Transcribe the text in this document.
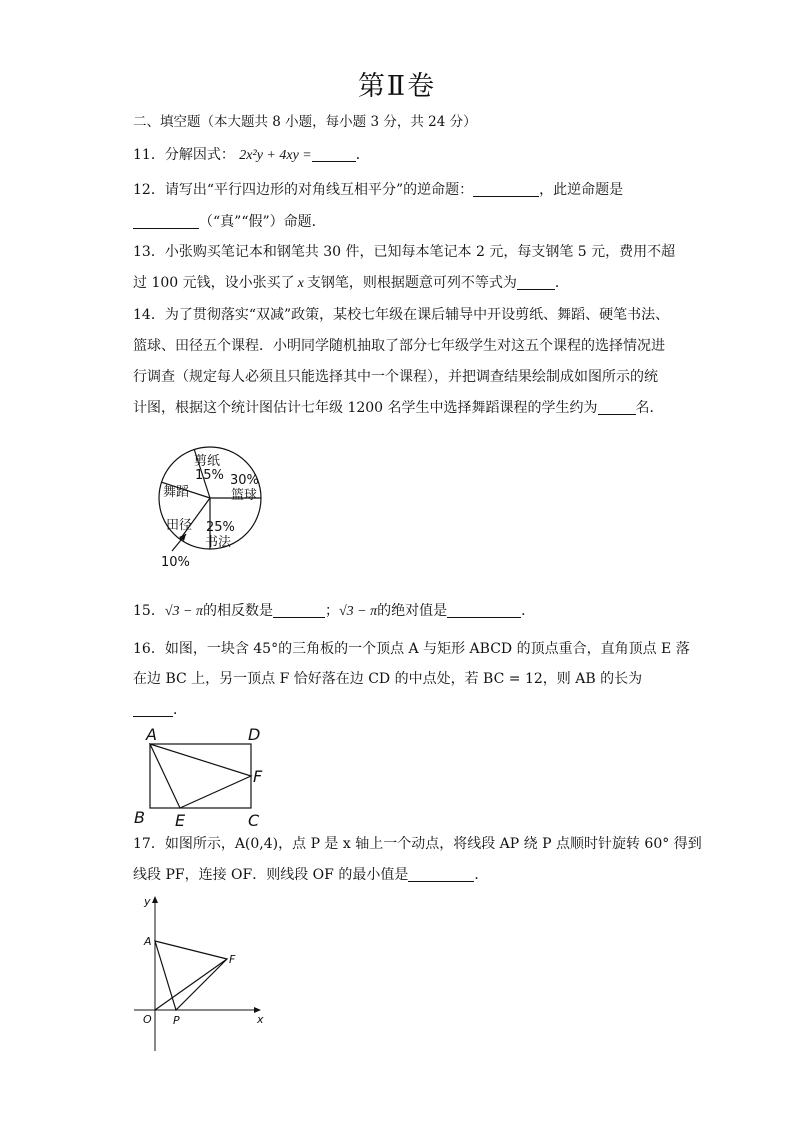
第Ⅱ卷
二、填空题（本大题共 8 小题，每小题 3 分，共 24 分）
11．分解因式： 2x²y + 4xy =	．
12．请写出“平行四边形的对角线互相平分”的逆命题：	，此逆命题是
（“真”“假”）命题．
13．小张购买笔记本和钢笔共 30 件，已知每本笔记本 2 元，每支钢笔 5 元，费用不超
过 100 元钱，设小张买了 x 支钢笔，则根据题意可列不等式为	．
14．为了贯彻落实“双减”政策，某校七年级在课后辅导中开设剪纸、舞蹈、硬笔书法、
篮球、田径五个课程．小明同学随机抽取了部分七年级学生对这五个课程的选择情况进
行调查（规定每人必须且只能选择其中一个课程），并把调查结果绘制成如图所示的统
计图，根据这个统计图估计七年级 1200 名学生中选择舞蹈课程的学生约为	名．
剪纸
15% 30%
篮球
25%
书法
田径
舞蹈
10%
15．√3 − π的相反数是	；√3 − π的绝对值是	．
16．如图，一块含 45°的三角板的一个顶点 A 与矩形 ABCD 的顶点重合，直角顶点 E 落
在边 BC 上，另一顶点 F 恰好落在边 CD 的中点处，若 BC = 12，则 AB 的长为
．
A	D
F
B E	C
17．如图所示，A(0,4)，点 P 是 x 轴上一个动点，将线段 AP 绕 P 点顺时针旋转 60° 得到
线段 PF，连接 OF．则线段 OF 的最小值是	．
y
x
A
F
O P
